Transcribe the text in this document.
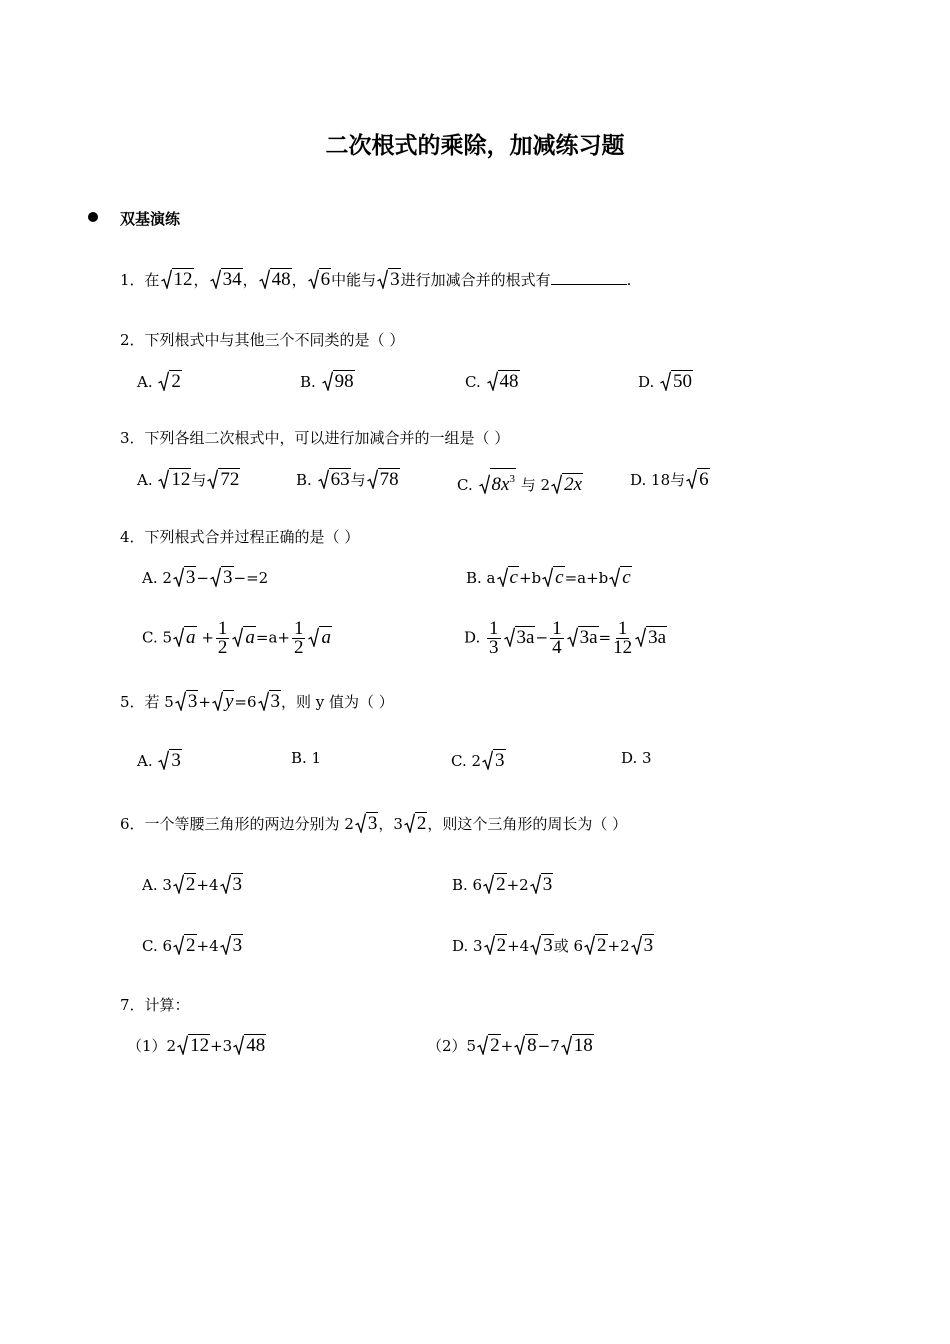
二次根式的乘除，加减练习题
双基演练
1．在 12， 34， 48， 6中能与 3进行加减合并的根式有	.
2．下列根式中与其他三个不同类的是（ ）
A. 2	B. 98	C. 48	D. 50
3．下列各组二次根式中，可以进行加减合并的一组是（ ）
A. 12与 72	B. 63与 78	C. $8x^3$ 与 2 2x	D. 18与 6
4．下列根式合并过程正确的是（ ）
A. 2 3− 3−=2	B. a c+b c=a+b c
C. 5 $a + \frac{1}{2} a=a+ \frac{1}{2}$ a	D. $\frac{1}{3} 3a- \frac{1}{4} 3a= \frac{1}{12} 3a$
5．若 5 3+ y=6 3，则 y 值为（ ）
A. 3	B. 1	C. 2 3	D. 3
6．一个等腰三角形的两边分别为 2 3，3 2，则这个三角形的周长为（ ）
A. 3 2+4 3	B. 6 2+2 3
C. 6 2+4 3	D. 3 2+4 3或 6 2+2 3
7．计算：
（1）2 12+3 48	（2）5 2+ 8−7 18
